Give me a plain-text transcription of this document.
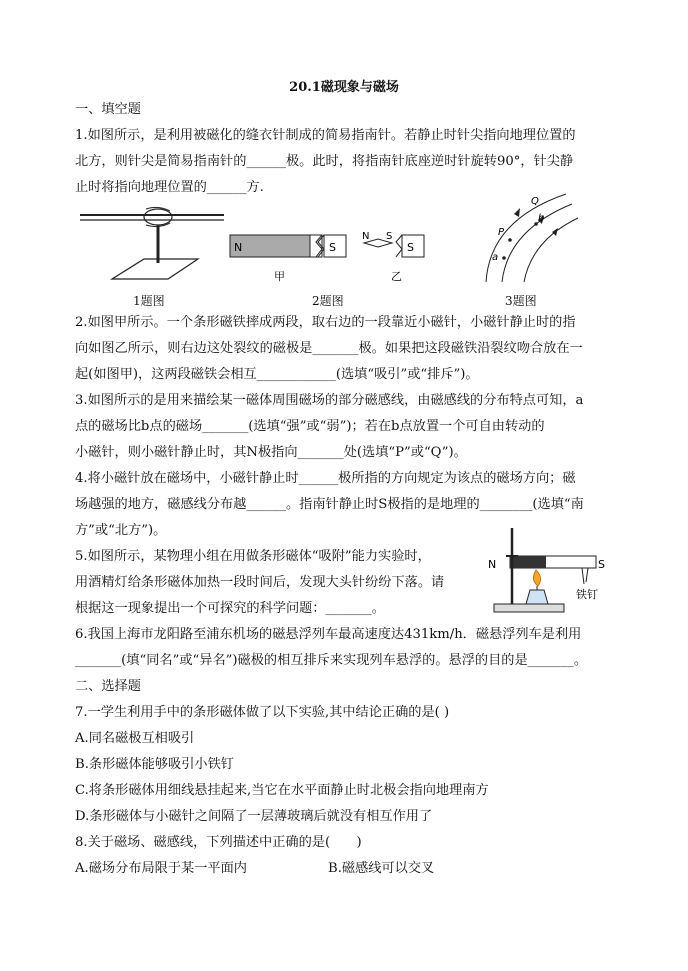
20.1磁现象与磁场
一、填空题
1.如图所示，是利用被磁化的缝衣针制成的简易指南针。若静止时针尖指向地理位置的
北方，则针尖是简易指南针的______极。此时，将指南针底座逆时针旋转90°，针尖静
止时将指向地理位置的______方.
1题图
N	S
甲
N S
S
乙
2题图
P
b
a
Q
3题图
2.如图甲所示。一个条形磁铁摔成两段，取右边的一段靠近小磁针，小磁针静止时的指
向如图乙所示，则右边这处裂纹的磁极是_______极。如果把这段磁铁沿裂纹吻合放在一
起(如图甲)，这两段磁铁会相互____________(选填“吸引”或“排斥”)。
3.如图所示的是用来描绘某一磁体周围磁场的部分磁感线，由磁感线的分布特点可知，a
点的磁场比b点的磁场_______(选填“强”或“弱”)；若在b点放置一个可自由转动的
小磁针，则小磁针静止时，其N极指向_______处(选填“P”或“Q”)。
4.将小磁针放在磁场中，小磁针静止时______极所指的方向规定为该点的磁场方向；磁
场越强的地方，磁感线分布越______。指南针静止时S极指的是地理的________(选填“南
方”或“北方”)。
5.如图所示，某物理小组在用做条形磁体“吸附”能力实验时，
用酒精灯给条形磁体加热一段时间后，发现大头针纷纷下落。请
根据这一现象提出一个可探究的科学问题：_______。
N	S
铁钉
6.我国上海市龙阳路至浦东机场的磁悬浮列车最高速度达431km/h．磁悬浮列车是利用
_______(填“同名”或“异名”)磁极的相互排斥来实现列车悬浮的。悬浮的目的是_______。
二、选择题
7.一学生利用手中的条形磁体做了以下实验,其中结论正确的是( )
A.同名磁极互相吸引
B.条形磁体能够吸引小铁钉
C.将条形磁体用细线悬挂起来,当它在水平面静止时北极会指向地理南方
D.条形磁体与小磁针之间隔了一层薄玻璃后就没有相互作用了
8.关于磁场、磁感线，下列描述中正确的是(　　)
A.磁场分布局限于某一平面内	B.磁感线可以交叉
